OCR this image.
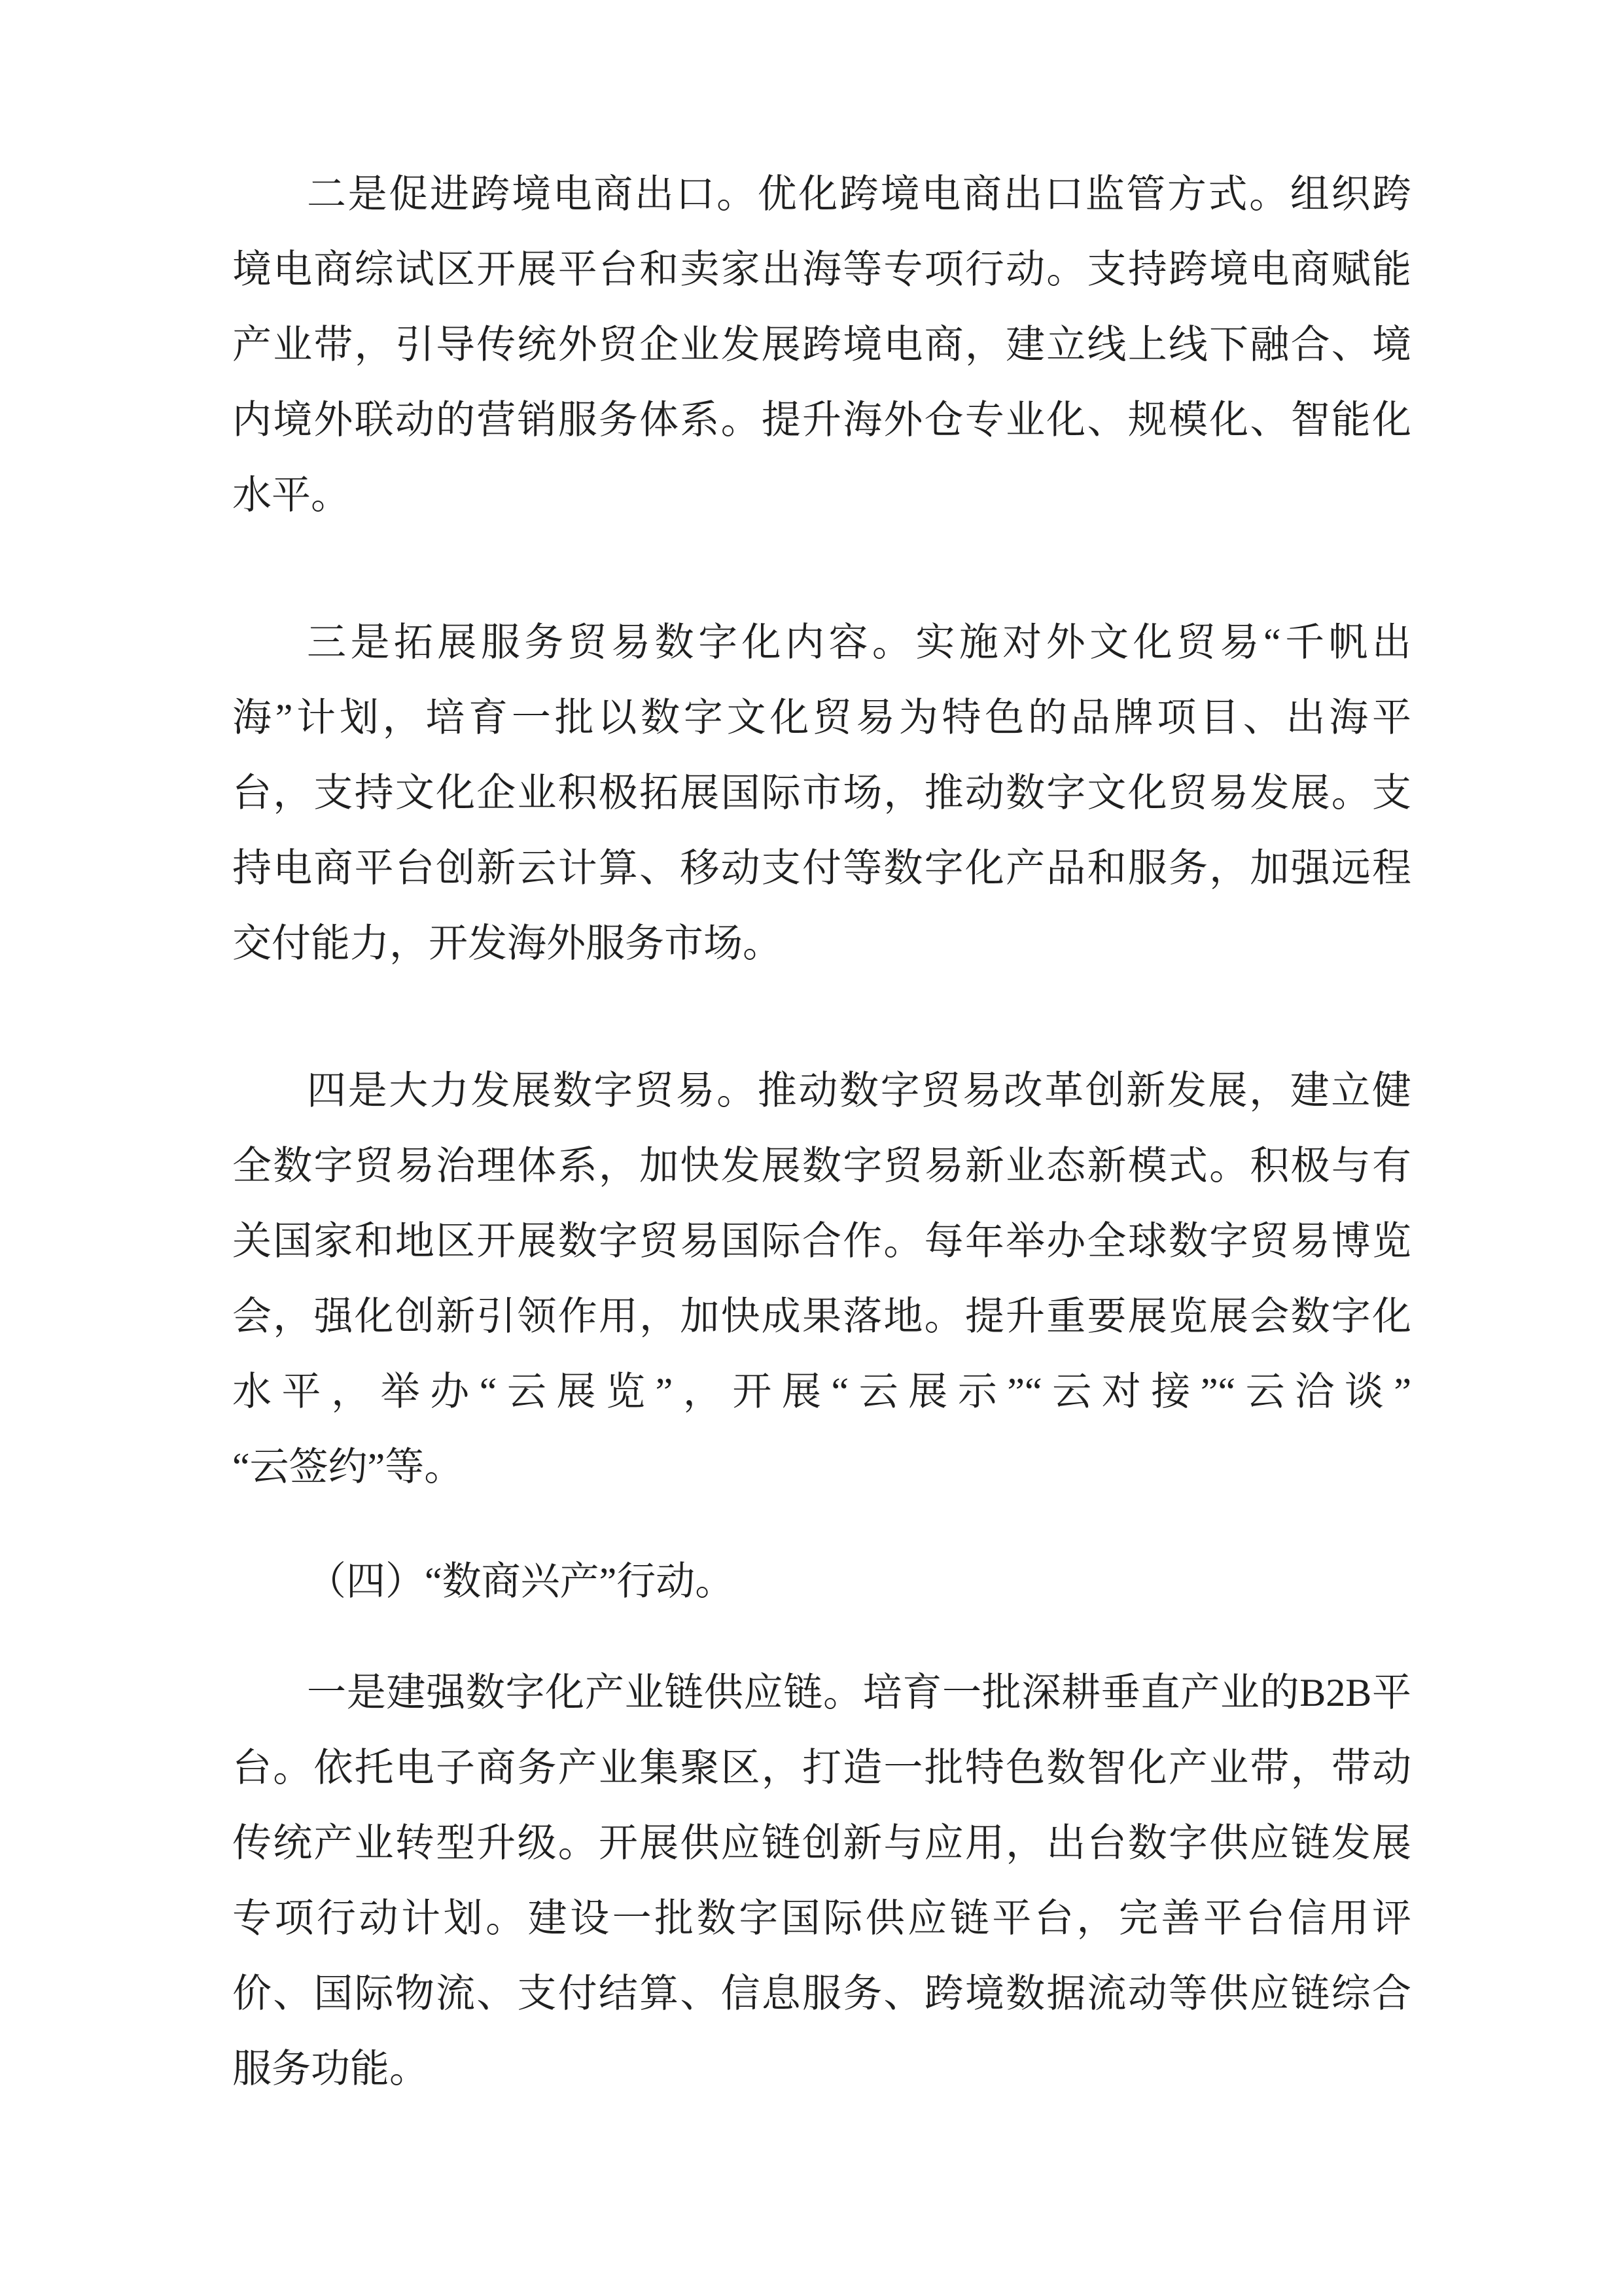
二是促进跨境电商出口。优化跨境电商出口监管方式。组织跨
境电商综试区开展平台和卖家出海等专项行动。支持跨境电商赋能
产业带，引导传统外贸企业发展跨境电商，建立线上线下融合、境
内境外联动的营销服务体系。提升海外仓专业化、规模化、智能化
水平。
三是拓展服务贸易数字化内容。实施对外文化贸易“千帆出
海”计划，培育一批以数字文化贸易为特色的品牌项目、出海平
台，支持文化企业积极拓展国际市场，推动数字文化贸易发展。支
持电商平台创新云计算、移动支付等数字化产品和服务，加强远程
交付能力，开发海外服务市场。
四是大力发展数字贸易。推动数字贸易改革创新发展，建立健
全数字贸易治理体系，加快发展数字贸易新业态新模式。积极与有
关国家和地区开展数字贸易国际合作。每年举办全球数字贸易博览
会，强化创新引领作用，加快成果落地。提升重要展览展会数字化
水平，举办“云展览”，开展“云展示”“云对接”“云洽谈”
“云签约”等。
（四）“数商兴产”行动。
一是建强数字化产业链供应链。培育一批深耕垂直产业的B2B平
台。依托电子商务产业集聚区，打造一批特色数智化产业带，带动
传统产业转型升级。开展供应链创新与应用，出台数字供应链发展
专项行动计划。建设一批数字国际供应链平台，完善平台信用评
价、国际物流、支付结算、信息服务、跨境数据流动等供应链综合
服务功能。
